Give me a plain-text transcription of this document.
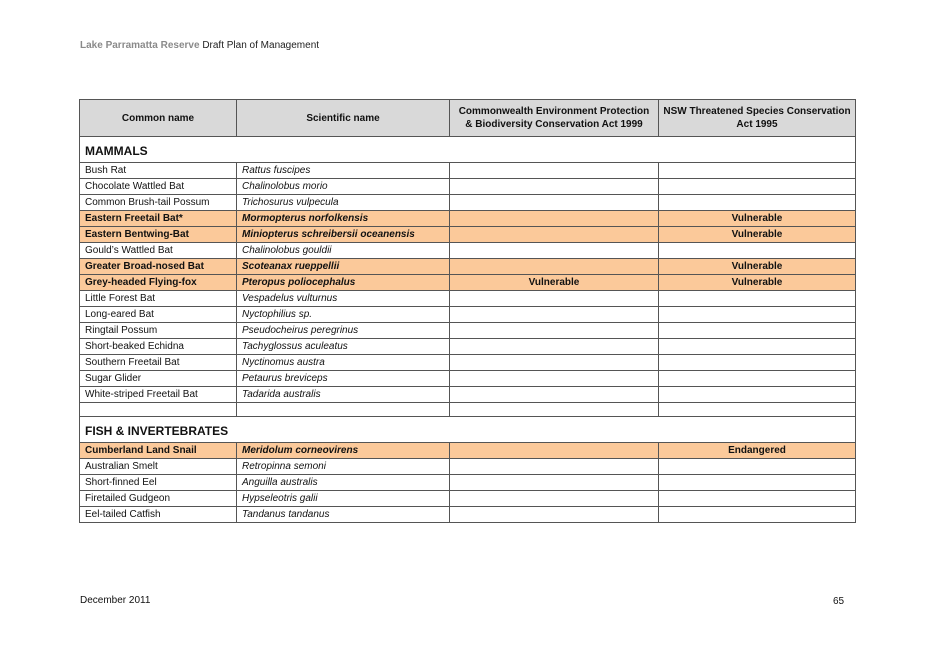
Lake Parramatta Reserve Draft Plan of Management
Common name	Scientific name	Commonwealth Environment Protection & Biodiversity Conservation Act 1999	NSW Threatened Species Conservation Act 1995
MAMMALS			
Bush Rat	Rattus fuscipes		
Chocolate Wattled Bat	Chalinolobus morio		
Common Brush-tail Possum	Trichosurus vulpecula		
Eastern Freetail Bat*	Mormopterus norfolkensis		Vulnerable
Eastern Bentwing-Bat	Miniopterus schreibersii oceanensis		Vulnerable
Gould’s Wattled Bat	Chalinolobus gouldii		
Greater Broad-nosed Bat	Scoteanax rueppellii		Vulnerable
Grey-headed Flying-fox	Pteropus poliocephalus	Vulnerable	Vulnerable
Little Forest Bat	Vespadelus vulturnus		
Long-eared Bat	Nyctophilius sp.		
Ringtail Possum	Pseudocheirus peregrinus		
Short-beaked Echidna	Tachyglossus aculeatus		
Southern Freetail Bat	Nyctinomus austra		
Sugar Glider	Petaurus breviceps		
White-striped Freetail Bat	Tadarida australis		

FISH & INVERTEBRATES			
Cumberland Land Snail	Meridolum corneovirens		Endangered
Australian Smelt	Retropinna semoni		
Short-finned Eel	Anguilla australis		
Firetailed Gudgeon	Hypseleotris galii		
Eel-tailed Catfish	Tandanus tandanus		
December 2011	65
